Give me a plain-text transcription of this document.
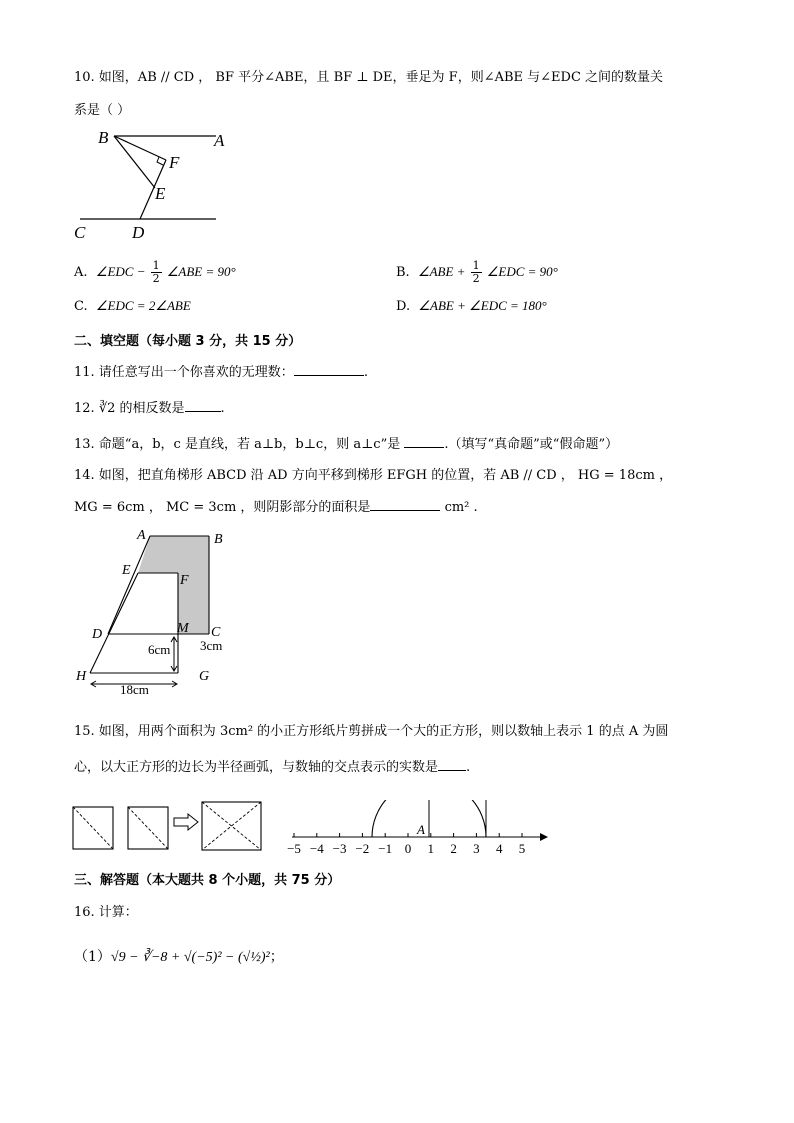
10. 如图，AB // CD ， BF 平分∠ABE，且 BF ⊥ DE，垂足为 F，则∠ABE 与∠EDC 之间的数量关
系是（ ）
B	A
F
E
C	D
A. ∠EDC − $\frac{1}{2}$ ∠ABE = 90°	B. ∠ABE + $\frac{1}{2}$ ∠EDC = 90°
C. ∠EDC = 2∠ABE	D. ∠ABE + ∠EDC = 180°
二、填空题（每小题 3 分，共 15 分）
11. 请任意写出一个你喜欢的无理数：	.
12. ∛2 的相反数是	.
13. 命题“a，b，c 是直线，若 a⊥b，b⊥c，则 a⊥c”是	.（填写“真命题”或“假命题”）
14. 如图，把直角梯形 ABCD 沿 AD 方向平移到梯形 EFGH 的位置，若 AB // CD ， HG = 18cm ，
MG = 6cm ， MC = 3cm ，则阴影部分的面积是	cm² .
A	B
E
F
D	M C
H	G
6cm 3cm
18cm
15. 如图，用两个面积为 3cm² 的小正方形纸片剪拼成一个大的正方形，则以数轴上表示 1 的点 A 为圆
心，以大正方形的边长为半径画弧，与数轴的交点表示的实数是 .
A
−5 −4 −3 −2 −1 0 1 2 3 4 5
三、解答题（本大题共 8 个小题，共 75 分）
16. 计算：
（1）√9 − ∛−8 + √(−5)² − (√½)²；
